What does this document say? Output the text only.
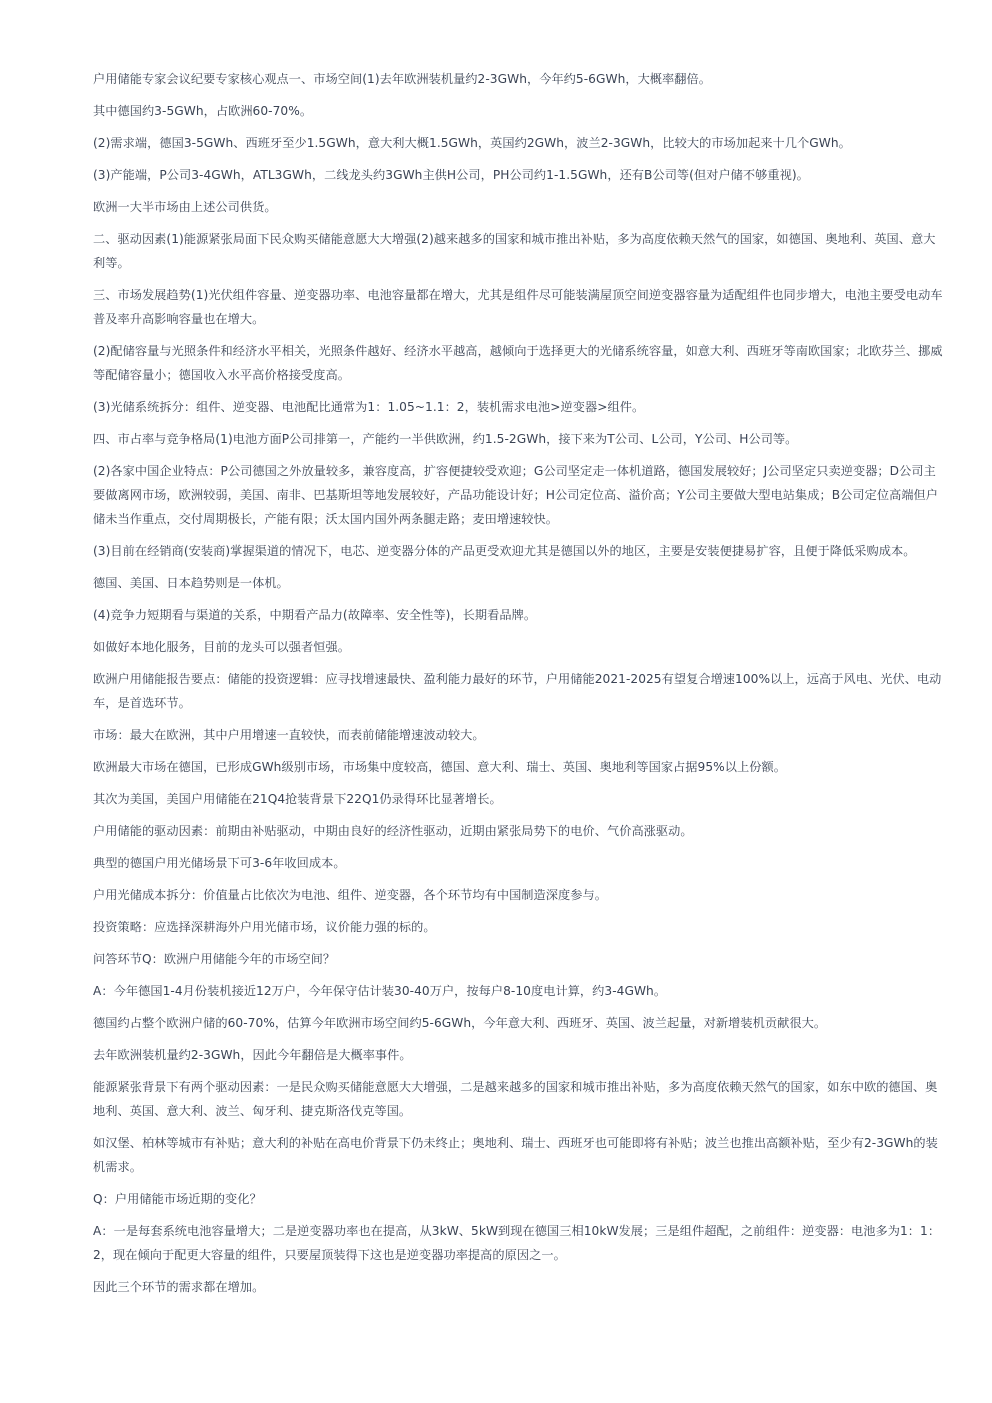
户用储能专家会议纪要专家核心观点一、市场空间(1)去年欧洲装机量约2-3GWh，今年约5-6GWh，大概率翻倍。

其中德国约3-5GWh，占欧洲60-70%。

(2)需求端，德国3-5GWh、西班牙至少1.5GWh，意大利大概1.5GWh，英国约2GWh，波兰2-3GWh，比较大的市场加起来十几个GWh。

(3)产能端，P公司3-4GWh，ATL3GWh，二线龙头约3GWh主供H公司，PH公司约1-1.5GWh，还有B公司等(但对户储不够重视)。

欧洲一大半市场由上述公司供货。

二、驱动因素(1)能源紧张局面下民众购买储能意愿大大增强(2)越来越多的国家和城市推出补贴，多为高度依赖天然气的国家，如德国、奥地利、英国、意大利等。

三、市场发展趋势(1)光伏组件容量、逆变器功率、电池容量都在增大，尤其是组件尽可能装满屋顶空间逆变器容量为适配组件也同步增大，电池主要受电动车普及率升高影响容量也在增大。

(2)配储容量与光照条件和经济水平相关，光照条件越好、经济水平越高，越倾向于选择更大的光储系统容量，如意大利、西班牙等南欧国家；北欧芬兰、挪威等配储容量小；德国收入水平高价格接受度高。

(3)光储系统拆分：组件、逆变器、电池配比通常为1：1.05~1.1：2，装机需求电池>逆变器>组件。

四、市占率与竞争格局(1)电池方面P公司排第一，产能约一半供欧洲，约1.5-2GWh，接下来为T公司、L公司，Y公司、H公司等。

(2)各家中国企业特点：P公司德国之外放量较多，兼容度高，扩容便捷较受欢迎；G公司坚定走一体机道路，德国发展较好；J公司坚定只卖逆变器；D公司主要做离网市场，欧洲较弱，美国、南非、巴基斯坦等地发展较好，产品功能设计好；H公司定位高、溢价高；Y公司主要做大型电站集成；B公司定位高端但户储未当作重点，交付周期极长，产能有限；沃太国内国外两条腿走路；麦田增速较快。

(3)目前在经销商(安装商)掌握渠道的情况下，电芯、逆变器分体的产品更受欢迎尤其是德国以外的地区，主要是安装便捷易扩容，且便于降低采购成本。

德国、美国、日本趋势则是一体机。

(4)竞争力短期看与渠道的关系，中期看产品力(故障率、安全性等)，长期看品牌。

如做好本地化服务，目前的龙头可以强者恒强。

欧洲户用储能报告要点：储能的投资逻辑：应寻找增速最快、盈利能力最好的环节，户用储能2021-2025有望复合增速100%以上，远高于风电、光伏、电动车，是首选环节。

市场：最大在欧洲，其中户用增速一直较快，而表前储能增速波动较大。

欧洲最大市场在德国，已形成GWh级别市场，市场集中度较高，德国、意大利、瑞士、英国、奥地利等国家占据95%以上份额。

其次为美国，美国户用储能在21Q4抢装背景下22Q1仍录得环比显著增长。

户用储能的驱动因素：前期由补贴驱动，中期由良好的经济性驱动，近期由紧张局势下的电价、气价高涨驱动。

典型的德国户用光储场景下可3-6年收回成本。

户用光储成本拆分：价值量占比依次为电池、组件、逆变器，各个环节均有中国制造深度参与。

投资策略：应选择深耕海外户用光储市场，议价能力强的标的。

问答环节Q：欧洲户用储能今年的市场空间？

A：今年德国1-4月份装机接近12万户，今年保守估计装30-40万户，按每户8-10度电计算，约3-4GWh。

德国约占整个欧洲户储的60-70%，估算今年欧洲市场空间约5-6GWh，今年意大利、西班牙、英国、波兰起量，对新增装机贡献很大。

去年欧洲装机量约2-3GWh，因此今年翻倍是大概率事件。

能源紧张背景下有两个驱动因素：一是民众购买储能意愿大大增强，二是越来越多的国家和城市推出补贴，多为高度依赖天然气的国家，如东中欧的德国、奥地利、英国、意大利、波兰、匈牙利、捷克斯洛伐克等国。

如汉堡、柏林等城市有补贴；意大利的补贴在高电价背景下仍未终止；奥地利、瑞士、西班牙也可能即将有补贴；波兰也推出高额补贴，至少有2-3GWh的装机需求。

Q：户用储能市场近期的变化？

A：一是每套系统电池容量增大；二是逆变器功率也在提高，从3kW、5kW到现在德国三相10kW发展；三是组件超配，之前组件：逆变器：电池多为1：1：2，现在倾向于配更大容量的组件，只要屋顶装得下这也是逆变器功率提高的原因之一。

因此三个环节的需求都在增加。
